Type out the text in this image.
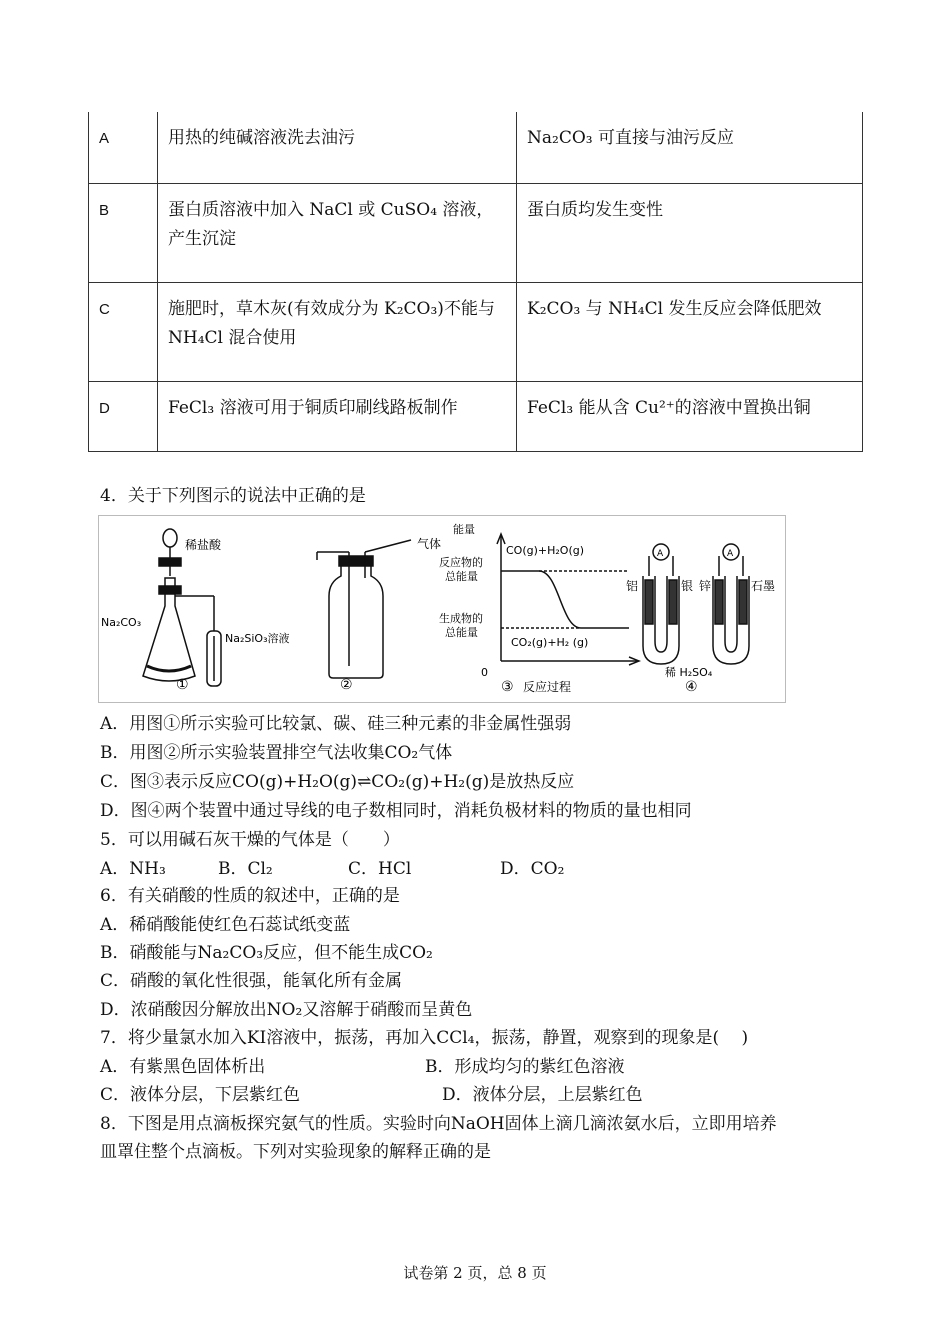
A	用热的纯碱溶液洗去油污	Na₂CO₃ 可直接与油污反应
B	蛋白质溶液中加入 NaCl 或 CuSO₄ 溶液，产生沉淀	蛋白质均发生变性
C	施肥时，草木灰(有效成分为 K₂CO₃)不能与 NH₄Cl 混合使用	K₂CO₃ 与 NH₄Cl 发生反应会降低肥效
D	FeCl₃ 溶液可用于铜质印刷线路板制作	FeCl₃ 能从含 Cu²⁺的溶液中置换出铜
4．关于下列图示的说法中正确的是
稀盐酸
Na₂CO₃
Na₂SiO₃溶液
①
气体
②
能量
反应物的
总能量
生成物的
总能量
CO(g)+H₂O(g)
CO₂(g)+H₂ (g)
0
③ 反应过程
A	A
铝	银 锌	石墨
稀 H₂SO₄
④
A．用图①所示实验可比较氯、碳、硅三种元素的非金属性强弱
B．用图②所示实验装置排空气法收集CO₂气体
C．图③表示反应CO(g)+H₂O(g)⇌CO₂(g)+H₂(g)是放热反应
D．图④两个装置中通过导线的电子数相同时，消耗负极材料的物质的量也相同
5．可以用碱石灰干燥的气体是（　　）
A．NH₃	B．Cl₂	C．HCl	D．CO₂
6．有关硝酸的性质的叙述中，正确的是
A．稀硝酸能使红色石蕊试纸变蓝
B．硝酸能与Na₂CO₃反应，但不能生成CO₂
C．硝酸的氧化性很强，能氧化所有金属
D．浓硝酸因分解放出NO₂又溶解于硝酸而呈黄色
7．将少量氯水加入KI溶液中，振荡，再加入CCl₄，振荡，静置，观察到的现象是(　 )
A．有紫黑色固体析出	B．形成均匀的紫红色溶液
C．液体分层，下层紫红色	D．液体分层，上层紫红色
8．下图是用点滴板探究氨气的性质。实验时向NaOH固体上滴几滴浓氨水后，立即用培养
皿罩住整个点滴板。下列对实验现象的解释正确的是
试卷第 2 页，总 8 页
